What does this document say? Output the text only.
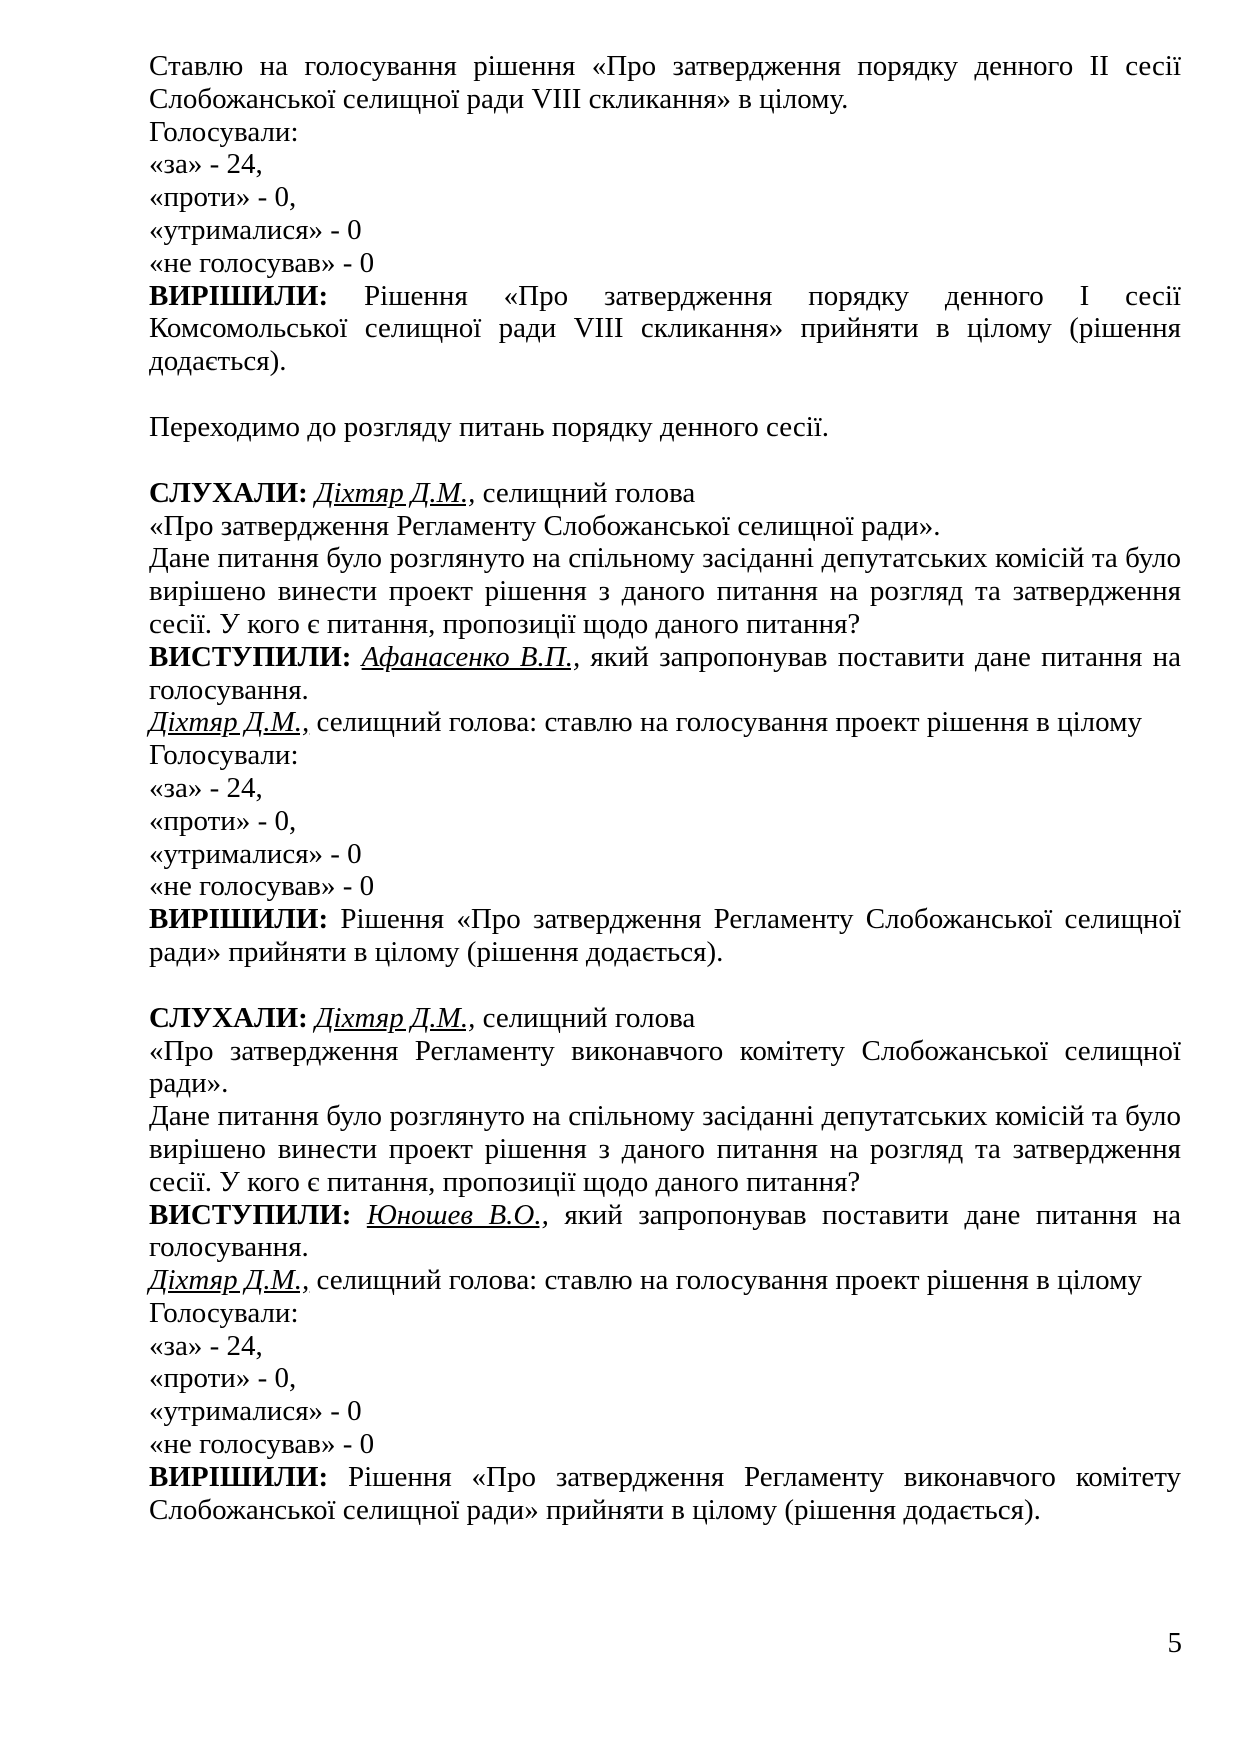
Ставлю на голосування рішення «Про затвердження порядку денного ІІ сесії Слобожанської селищної ради VIII скликання» в цілому.

Голосували:

«за» - 24,

«проти» - 0,

«утрималися» - 0

«не голосував» - 0

ВИРІШИЛИ: Рішення «Про затвердження порядку денного І сесії Комсомольської селищної ради VIII скликання» прийняти в цілому (рішення додається).

Переходимо до розгляду питань порядку денного сесії.

СЛУХАЛИ: Діхтяр Д.М., селищний голова

«Про затвердження Регламенту Слобожанської селищної ради».

Дане питання було розглянуто на спільному засіданні депутатських комісій та було вирішено винести проект рішення з даного питання на розгляд та затвердження сесії. У кого є питання, пропозиції щодо даного питання?

ВИСТУПИЛИ: Афанасенко В.П., який запропонував поставити дане питання на голосування.

Діхтяр Д.М., селищний голова: ставлю на голосування проект рішення в цілому

Голосували:

«за» - 24,

«проти» - 0,

«утрималися» - 0

«не голосував» - 0

ВИРІШИЛИ: Рішення «Про затвердження Регламенту Слобожанської селищної ради» прийняти в цілому (рішення додається).

СЛУХАЛИ: Діхтяр Д.М., селищний голова

«Про затвердження Регламенту виконавчого комітету Слобожанської селищної ради».

Дане питання було розглянуто на спільному засіданні депутатських комісій та було вирішено винести проект рішення з даного питання на розгляд та затвердження сесії. У кого є питання, пропозиції щодо даного питання?

ВИСТУПИЛИ: Юношев В.О., який запропонував поставити дане питання на голосування.

Діхтяр Д.М., селищний голова: ставлю на голосування проект рішення в цілому

Голосували:

«за» - 24,

«проти» - 0,

«утрималися» - 0

«не голосував» - 0

ВИРІШИЛИ: Рішення «Про затвердження Регламенту виконавчого комітету Слобожанської селищної ради» прийняти в цілому (рішення додається).

5
